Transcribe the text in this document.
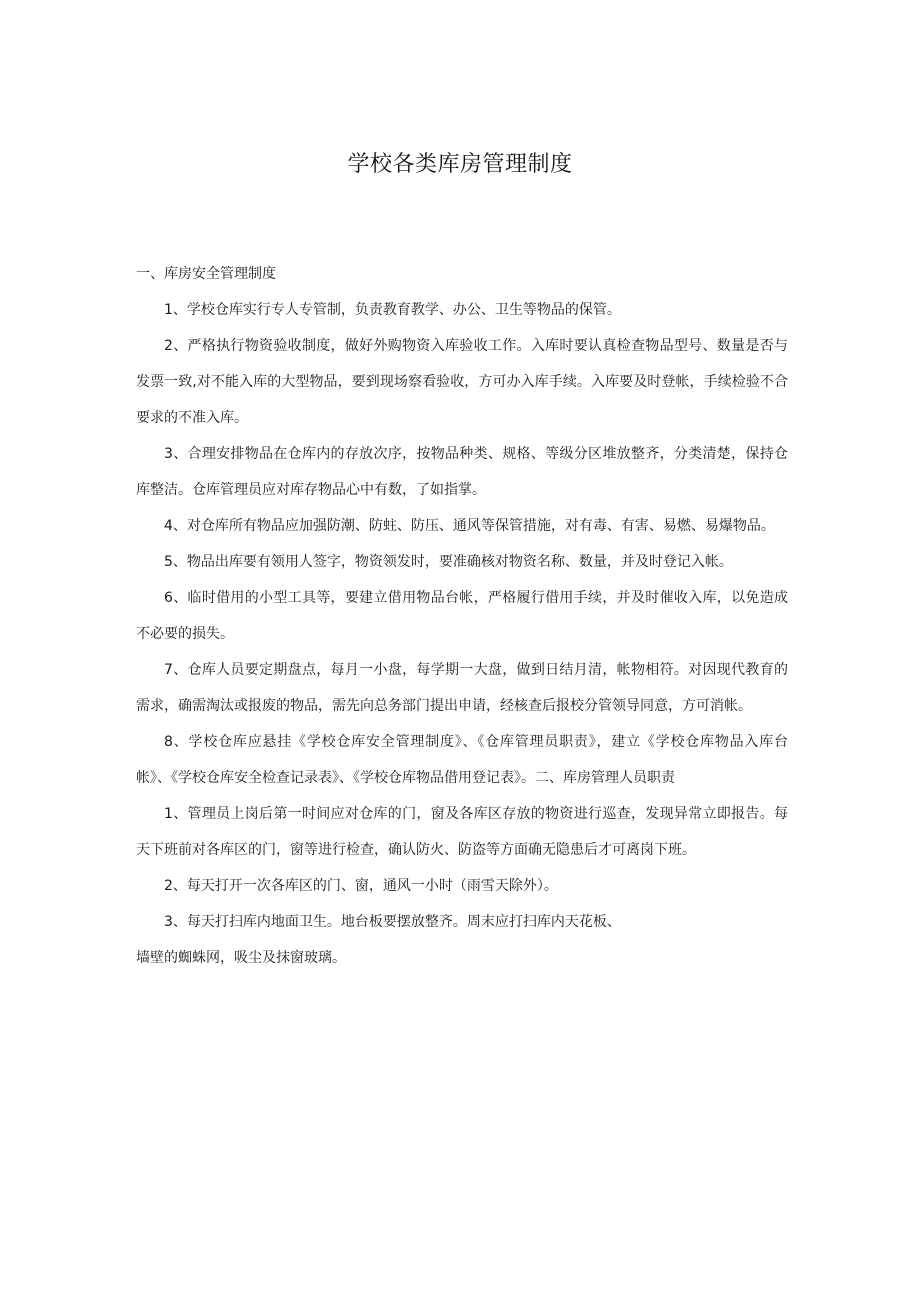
学校各类库房管理制度

一、库房安全管理制度

1、学校仓库实行专人专管制，负责教育教学、办公、卫生等物品的保管。

2、严格执行物资验收制度，做好外购物资入库验收工作。入库时要认真检查物品型号、数量是否与发票一致,对不能入库的大型物品，要到现场察看验收，方可办入库手续。入库要及时登帐，手续检验不合要求的不准入库。

3、合理安排物品在仓库内的存放次序，按物品种类、规格、等级分区堆放整齐，分类清楚，保持仓库整洁。仓库管理员应对库存物品心中有数，了如指掌。

4、对仓库所有物品应加强防潮、防蛀、防压、通风等保管措施，对有毒、有害、易燃、易爆物品。

5、物品出库要有领用人签字，物资领发时，要准确核对物资名称、数量，并及时登记入帐。

6、临时借用的小型工具等，要建立借用物品台帐，严格履行借用手续，并及时催收入库，以免造成不必要的损失。

7、仓库人员要定期盘点，每月一小盘，每学期一大盘，做到日结月清，帐物相符。对因现代教育的需求，确需淘汰或报废的物品，需先向总务部门提出申请，经核查后报校分管领导同意，方可消帐。

8、学校仓库应悬挂《学校仓库安全管理制度》、《仓库管理员职责》，建立《学校仓库物品入库台帐》、《学校仓库安全检查记录表》、《学校仓库物品借用登记表》。二、库房管理人员职责

1、管理员上岗后第一时间应对仓库的门，窗及各库区存放的物资进行巡查，发现异常立即报告。每天下班前对各库区的门，窗等进行检查，确认防火、防盗等方面确无隐患后才可离岗下班。

2、每天打开一次各库区的门、窗，通风一小时（雨雪天除外）。

3、每天打扫库内地面卫生。地台板要摆放整齐。周末应打扫库内天花板、

墙壁的蜘蛛网，吸尘及抹窗玻璃。
